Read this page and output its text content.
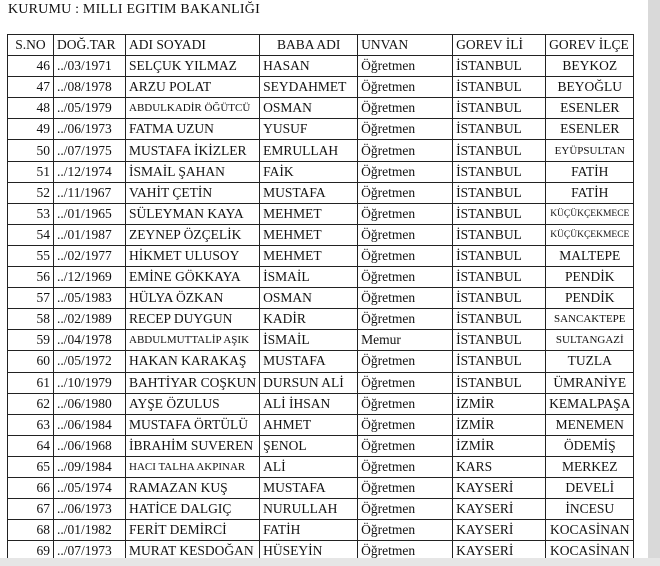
KURUMU : MILLI EGITIM BAKANLIĞI
S.NO	DOĞ.TAR	ADI SOYADI	BABA ADI	UNVAN	GOREV İLİ	GOREV İLÇE
46	../03/1971	SELÇUK YILMAZ	HASAN	Öğretmen	İSTANBUL	BEYKOZ
47	../08/1978	ARZU POLAT	SEYDAHMET	Öğretmen	İSTANBUL	BEYOĞLU
48	../05/1979	ABDULKADİR ÖĞÜTCÜ	OSMAN	Öğretmen	İSTANBUL	ESENLER
49	../06/1973	FATMA UZUN	YUSUF	Öğretmen	İSTANBUL	ESENLER
50	../07/1975	MUSTAFA İKİZLER	EMRULLAH	Öğretmen	İSTANBUL	EYÜPSULTAN
51	../12/1974	İSMAİL ŞAHAN	FAİK	Öğretmen	İSTANBUL	FATİH
52	../11/1967	VAHİT ÇETİN	MUSTAFA	Öğretmen	İSTANBUL	FATİH
53	../01/1965	SÜLEYMAN KAYA	MEHMET	Öğretmen	İSTANBUL	KÜÇÜKÇEKMECE
54	../01/1987	ZEYNEP ÖZÇELİK	MEHMET	Öğretmen	İSTANBUL	KÜÇÜKÇEKMECE
55	../02/1977	HİKMET ULUSOY	MEHMET	Öğretmen	İSTANBUL	MALTEPE
56	../12/1969	EMİNE GÖKKAYA	İSMAİL	Öğretmen	İSTANBUL	PENDİK
57	../05/1983	HÜLYA ÖZKAN	OSMAN	Öğretmen	İSTANBUL	PENDİK
58	../02/1989	RECEP DUYGUN	KADİR	Öğretmen	İSTANBUL	SANCAKTEPE
59	../04/1978	ABDULMUTTALİP AŞIK	İSMAİL	Memur	İSTANBUL	SULTANGAZİ
60	../05/1972	HAKAN KARAKAŞ	MUSTAFA	Öğretmen	İSTANBUL	TUZLA
61	../10/1979	BAHTİYAR COŞKUN	DURSUN ALİ	Öğretmen	İSTANBUL	ÜMRANİYE
62	../06/1980	AYŞE ÖZULUS	ALİ İHSAN	Öğretmen	İZMİR	KEMALPAŞA
63	../06/1984	MUSTAFA ÖRTÜLÜ	AHMET	Öğretmen	İZMİR	MENEMEN
64	../06/1968	İBRAHİM SUVEREN	ŞENOL	Öğretmen	İZMİR	ÖDEMİŞ
65	../09/1984	HACI TALHA AKPINAR	ALİ	Öğretmen	KARS	MERKEZ
66	../05/1974	RAMAZAN KUŞ	MUSTAFA	Öğretmen	KAYSERİ	DEVELİ
67	../06/1973	HATİCE DALGIÇ	NURULLAH	Öğretmen	KAYSERİ	İNCESU
68	../01/1982	FERİT DEMİRCİ	FATİH	Öğretmen	KAYSERİ	KOCASİNAN
69	../07/1973	MURAT KESDOĞAN	HÜSEYİN	Öğretmen	KAYSERİ	KOCASİNAN
